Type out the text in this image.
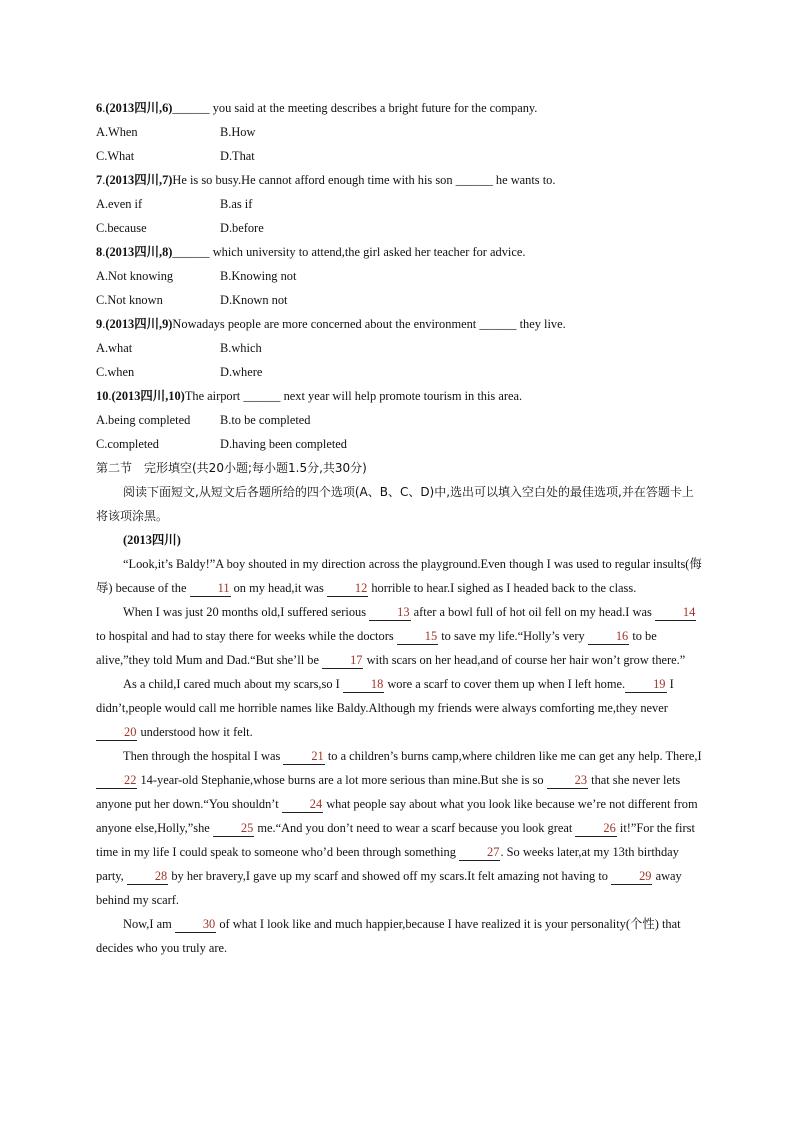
6.(2013四川,6)______ you said at the meeting describes a bright future for the company.
A.When	B.How
C.What	D.That
7.(2013四川,7)He is so busy.He cannot afford enough time with his son ______ he wants to.
A.even if	B.as if
C.because	D.before
8.(2013四川,8)______ which university to attend,the girl asked her teacher for advice.
A.Not knowing	B.Knowing not
C.Not known	D.Known not
9.(2013四川,9)Nowadays people are more concerned about the environment ______ they live.
A.what	B.which
C.when	D.where
10.(2013四川,10)The airport ______ next year will help promote tourism in this area.
A.being completed B.to be completed
C.completed	D.having been completed
第二节　完形填空(共20小题;每小题1.5分,共30分)
阅读下面短文,从短文后各题所给的四个选项(A、B、C、D)中,选出可以填入空白处的最佳选项,并在答题卡上将该项涂黑。
(2013四川)
“Look,it’s Baldy!”A boy shouted in my direction across the playground.Even though I was used to regular insults(侮辱) because of the 11 on my head,it was 12 horrible to hear.I sighed as I headed back to the class.
When I was just 20 months old,I suffered serious 13 after a bowl full of hot oil fell on my head.I was 14 to hospital and had to stay there for weeks while the doctors 15 to save my life.“Holly’s very 16 to be alive,”they told Mum and Dad.“But she’ll be 17 with scars on her head,and of course her hair won’t grow there.”
As a child,I cared much about my scars,so I 18 wore a scarf to cover them up when I left home. 19 I didn’t,people would call me horrible names like Baldy.Although my friends were always comforting me,they never 20 understood how it felt.
Then through the hospital I was 21 to a children’s burns camp,where children like me can get any help. There,I 22 14-year-old Stephanie,whose burns are a lot more serious than mine.But she is so 23 that she never lets anyone put her down.“You shouldn’t 24 what people say about what you look like because we’re not different from anyone else,Holly,”she 25 me.“And you don’t need to wear a scarf because you look great 26 it!”For the first time in my life I could speak to someone who’d been through something 27. So weeks later,at my 13th birthday party, 28 by her bravery,I gave up my scarf and showed off my scars.It felt amazing not having to 29 away behind my scarf.
Now,I am 30 of what I look like and much happier,because I have realized it is your personality(个性) that decides who you truly are.
